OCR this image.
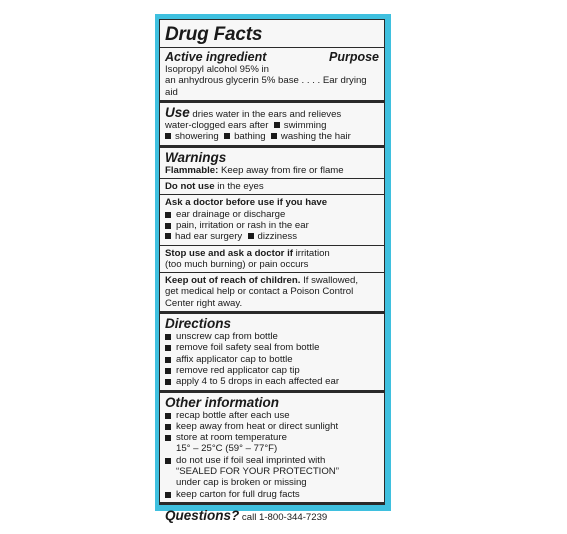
Drug Facts
Active ingredient	Purpose
Isopropyl alcohol 95% in
an anhydrous glycerin 5% base . . . . Ear drying aid
Use dries water in the ears and relieves
water-clogged ears after swimming
showering bathing washing the hair
Warnings
Flammable: Keep away from fire or flame
Do not use in the eyes
Ask a doctor before use if you have
ear drainage or discharge
pain, irritation or rash in the ear
had ear surgery dizziness
Stop use and ask a doctor if irritation
(too much burning) or pain occurs
Keep out of reach of children. If swallowed,
get medical help or contact a Poison Control
Center right away.
Directions
unscrew cap from bottle
remove foil safety seal from bottle
affix applicator cap to bottle
remove red applicator cap tip
apply 4 to 5 drops in each affected ear
Other information
recap bottle after each use
keep away from heat or direct sunlight
store at room temperature
15° – 25°C (59° – 77°F)
do not use if foil seal imprinted with
“SEALED FOR YOUR PROTECTION”
under cap is broken or missing
keep carton for full drug facts
Questions? call 1-800-344-7239
